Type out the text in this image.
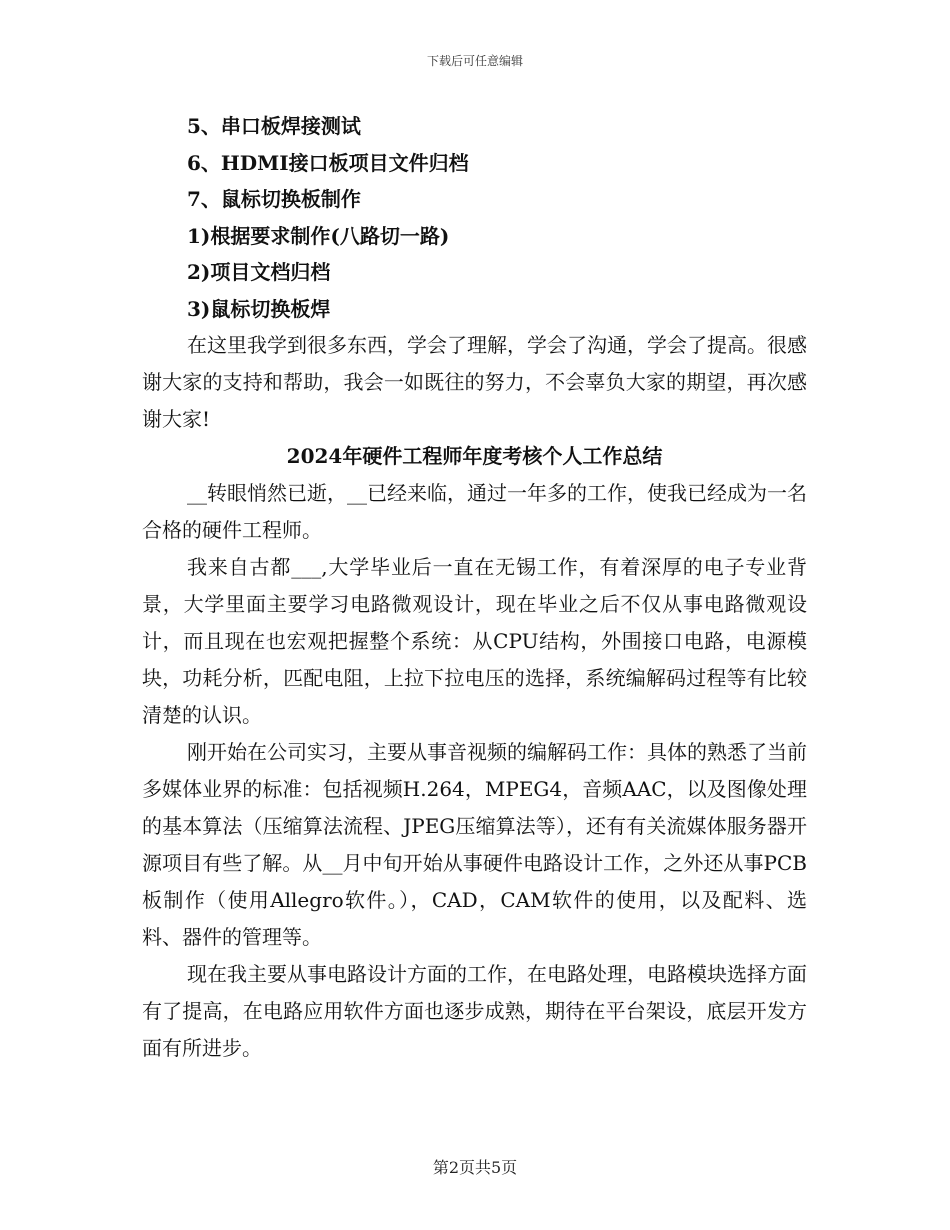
下载后可任意编辑

5、串口板焊接测试

6、HDMI接口板项目文件归档

7、鼠标切换板制作

1)根据要求制作(八路切一路)

2)项目文档归档

3)鼠标切换板焊

在这里我学到很多东西，学会了理解，学会了沟通，学会了提高。很感谢大家的支持和帮助，我会一如既往的努力，不会辜负大家的期望，再次感谢大家!

2024年硬件工程师年度考核个人工作总结

__转眼悄然已逝，__已经来临，通过一年多的工作，使我已经成为一名合格的硬件工程师。

我来自古都___,大学毕业后一直在无锡工作，有着深厚的电子专业背景，大学里面主要学习电路微观设计，现在毕业之后不仅从事电路微观设计，而且现在也宏观把握整个系统：从CPU结构，外围接口电路，电源模块，功耗分析，匹配电阻，上拉下拉电压的选择，系统编解码过程等有比较清楚的认识。

刚开始在公司实习，主要从事音视频的编解码工作：具体的熟悉了当前多媒体业界的标准：包括视频H.264，MPEG4，音频AAC，以及图像处理的基本算法（压缩算法流程、JPEG压缩算法等），还有有关流媒体服务器开源项目有些了解。从__月中旬开始从事硬件电路设计工作，之外还从事PCB板制作（使用Allegro软件。），CAD，CAM软件的使用，以及配料、选料、器件的管理等。

现在我主要从事电路设计方面的工作，在电路处理，电路模块选择方面有了提高，在电路应用软件方面也逐步成熟，期待在平台架设，底层开发方面有所进步。

第2页共5页
